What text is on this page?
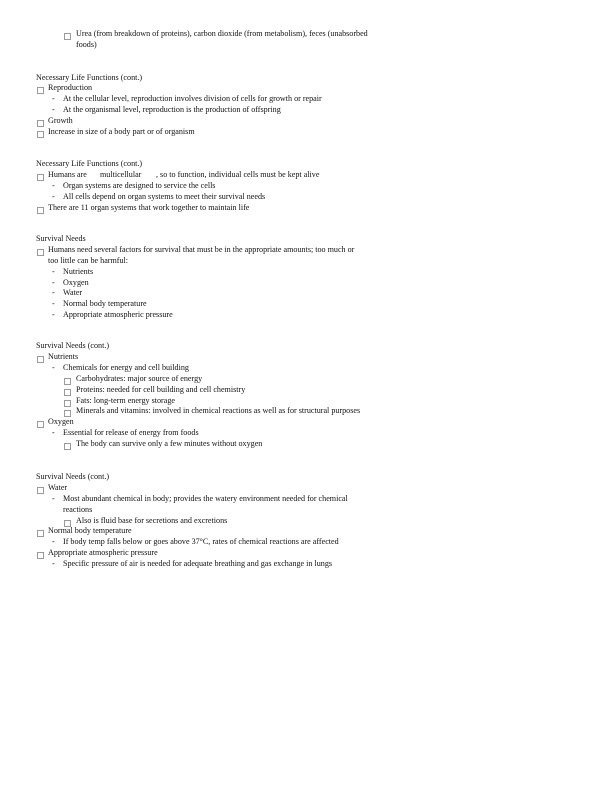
Urea (from breakdown of proteins), carbon dioxide (from metabolism), feces (unabsorbed
foods)
Necessary Life Functions (cont.)
Reproduction
- At the cellular level, reproduction involves division of cells for growth or repair
- At the organismal level, reproduction is the production of offspring
Growth
Increase in size of a body part or of organism
Necessary Life Functions (cont.)
Humans are multicellular , so to function, individual cells must be kept alive
- Organ systems are designed to service the cells
- All cells depend on organ systems to meet their survival needs
There are 11 organ systems that work together to maintain life
Survival Needs
Humans need several factors for survival that must be in the appropriate amounts; too much or
too little can be harmful:
- Nutrients
- Oxygen
- Water
- Normal body temperature
- Appropriate atmospheric pressure
Survival Needs (cont.)
Nutrients
- Chemicals for energy and cell building
Carbohydrates: major source of energy
Proteins: needed for cell building and cell chemistry
Fats: long-term energy storage
Minerals and vitamins: involved in chemical reactions as well as for structural purposes
Oxygen
- Essential for release of energy from foods
The body can survive only a few minutes without oxygen
Survival Needs (cont.)
Water
- Most abundant chemical in body; provides the watery environment needed for chemical
reactions
Also is fluid base for secretions and excretions
Normal body temperature
- If body temp falls below or goes above 37°C, rates of chemical reactions are affected
Appropriate atmospheric pressure
- Specific pressure of air is needed for adequate breathing and gas exchange in lungs
